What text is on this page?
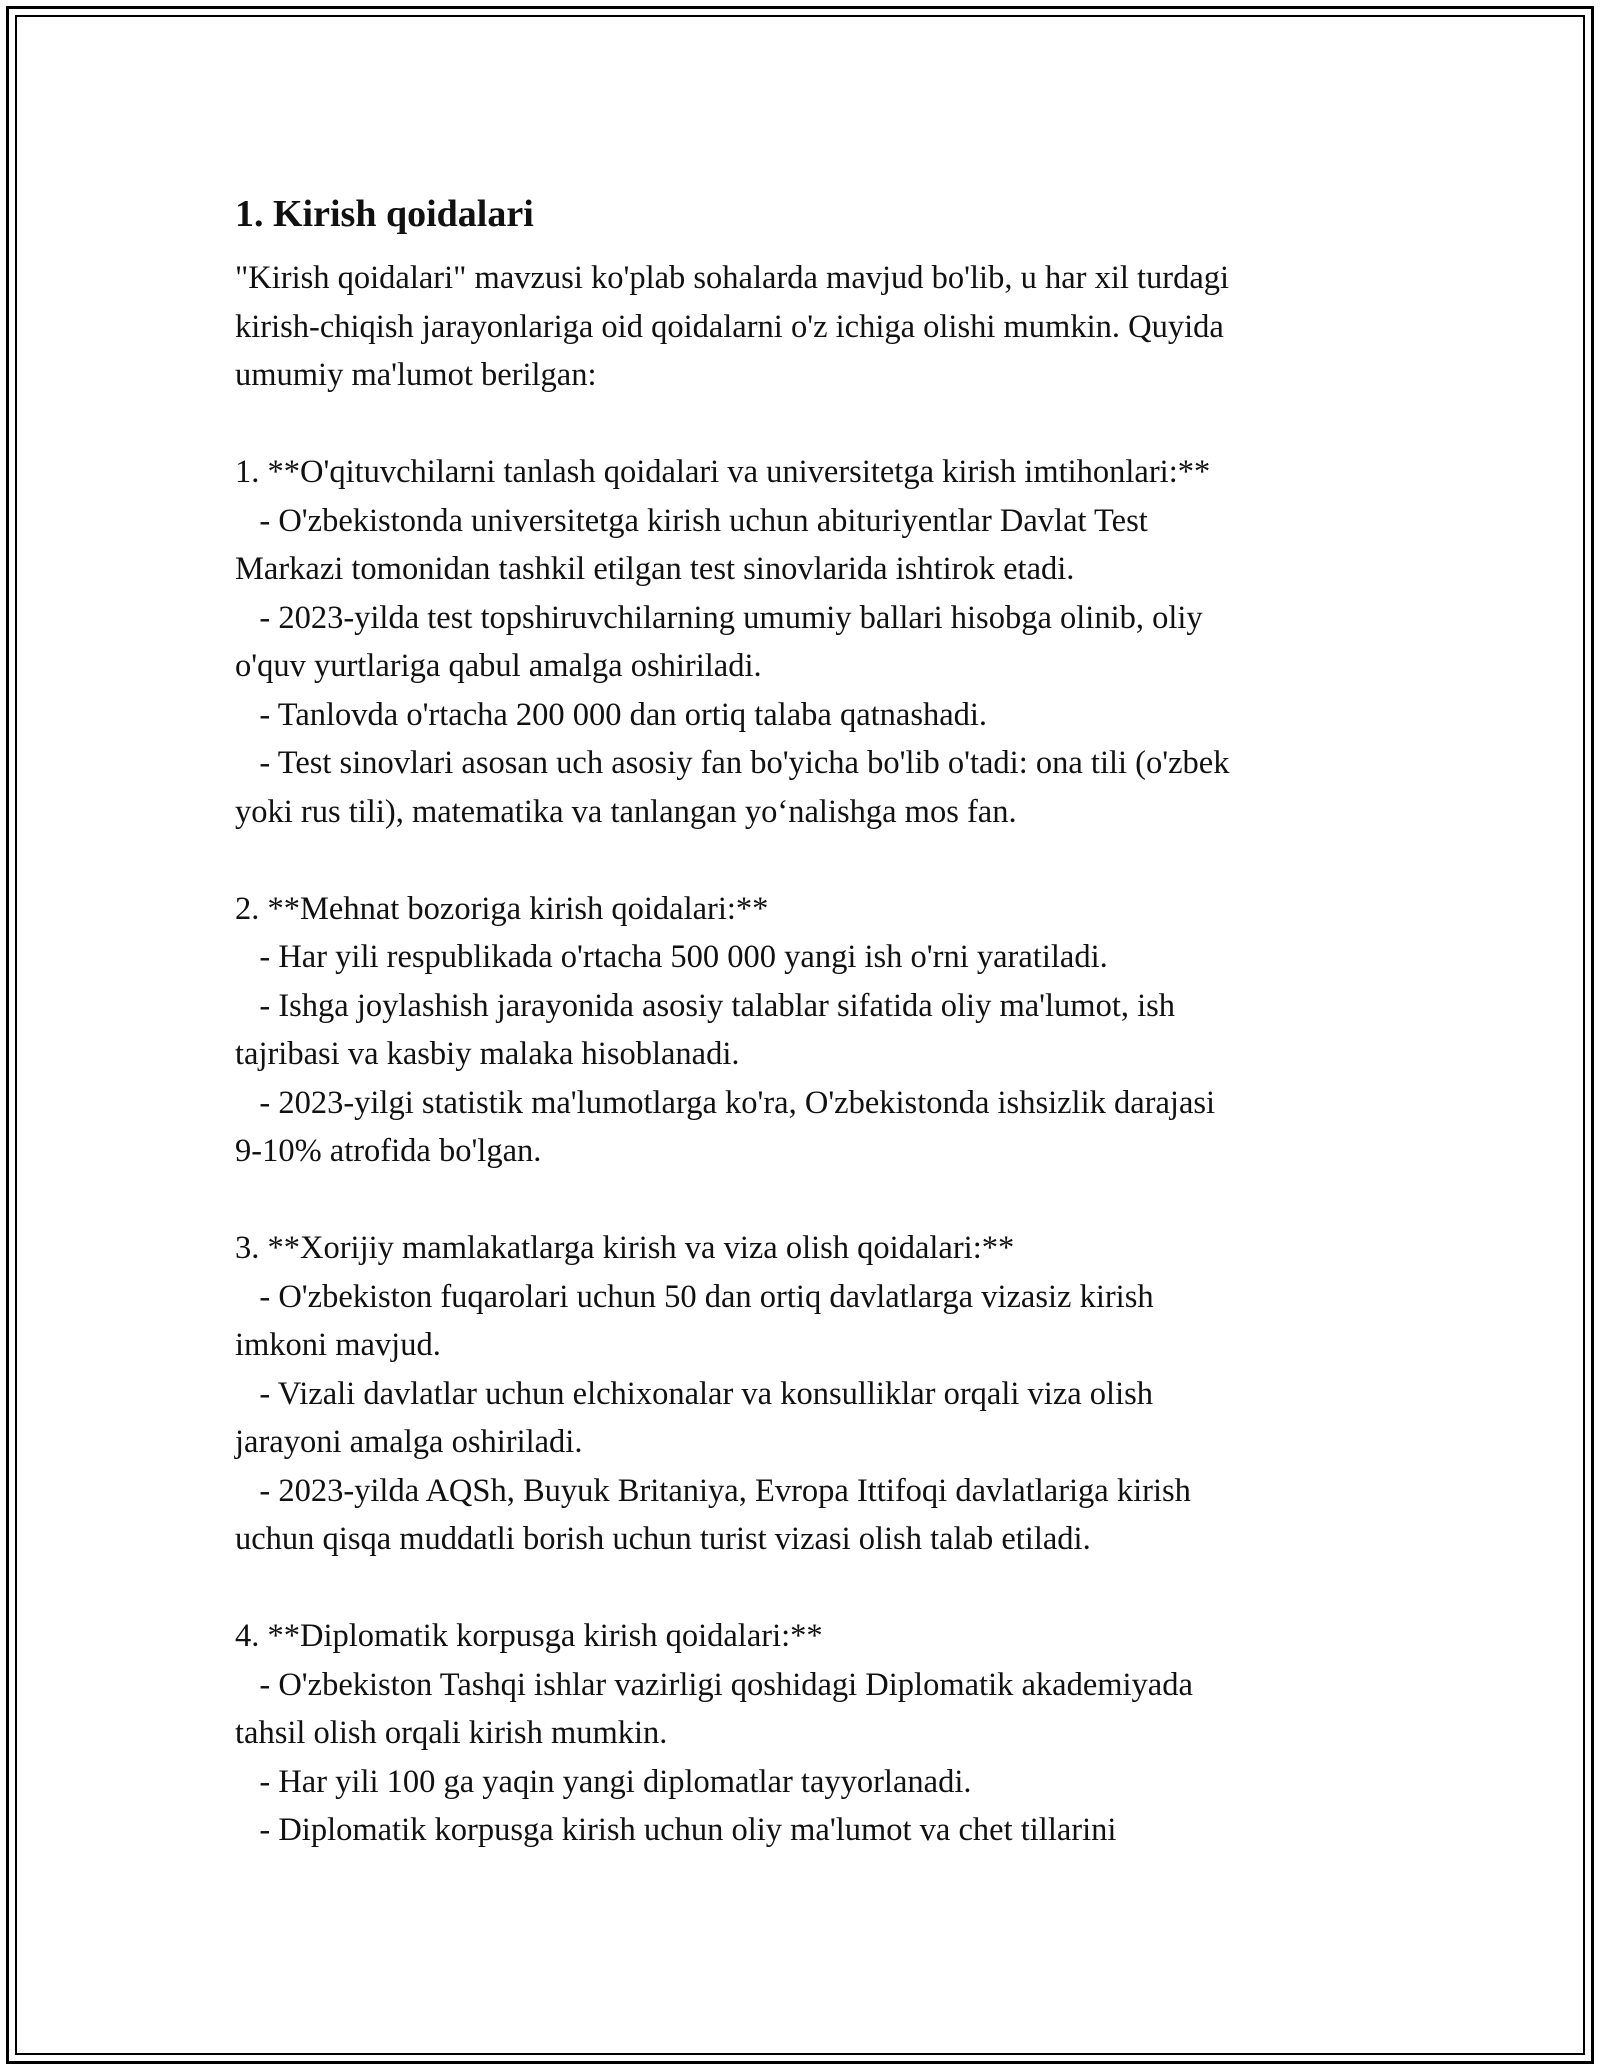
1. Kirish qoidalari

"Kirish qoidalari" mavzusi ko'plab sohalarda mavjud bo'lib, u har xil turdagi
kirish-chiqish jarayonlariga oid qoidalarni o'z ichiga olishi mumkin. Quyida
umumiy ma'lumot berilgan:

1. **O'qituvchilarni tanlash qoidalari va universitetga kirish imtihonlari:**
- O'zbekistonda universitetga kirish uchun abituriyentlar Davlat Test
Markazi tomonidan tashkil etilgan test sinovlarida ishtirok etadi.
- 2023-yilda test topshiruvchilarning umumiy ballari hisobga olinib, oliy
o'quv yurtlariga qabul amalga oshiriladi.
- Tanlovda o'rtacha 200 000 dan ortiq talaba qatnashadi.
- Test sinovlari asosan uch asosiy fan bo'yicha bo'lib o'tadi: ona tili (o'zbek
yoki rus tili), matematika va tanlangan yo‘nalishga mos fan.

2. **Mehnat bozoriga kirish qoidalari:**
- Har yili respublikada o'rtacha 500 000 yangi ish o'rni yaratiladi.
- Ishga joylashish jarayonida asosiy talablar sifatida oliy ma'lumot, ish
tajribasi va kasbiy malaka hisoblanadi.
- 2023-yilgi statistik ma'lumotlarga ko'ra, O'zbekistonda ishsizlik darajasi
9-10% atrofida bo'lgan.

3. **Xorijiy mamlakatlarga kirish va viza olish qoidalari:**
- O'zbekiston fuqarolari uchun 50 dan ortiq davlatlarga vizasiz kirish
imkoni mavjud.
- Vizali davlatlar uchun elchixonalar va konsulliklar orqali viza olish
jarayoni amalga oshiriladi.
- 2023-yilda AQSh, Buyuk Britaniya, Evropa Ittifoqi davlatlariga kirish
uchun qisqa muddatli borish uchun turist vizasi olish talab etiladi.

4. **Diplomatik korpusga kirish qoidalari:**
- O'zbekiston Tashqi ishlar vazirligi qoshidagi Diplomatik akademiyada
tahsil olish orqali kirish mumkin.
- Har yili 100 ga yaqin yangi diplomatlar tayyorlanadi.
- Diplomatik korpusga kirish uchun oliy ma'lumot va chet tillarini
